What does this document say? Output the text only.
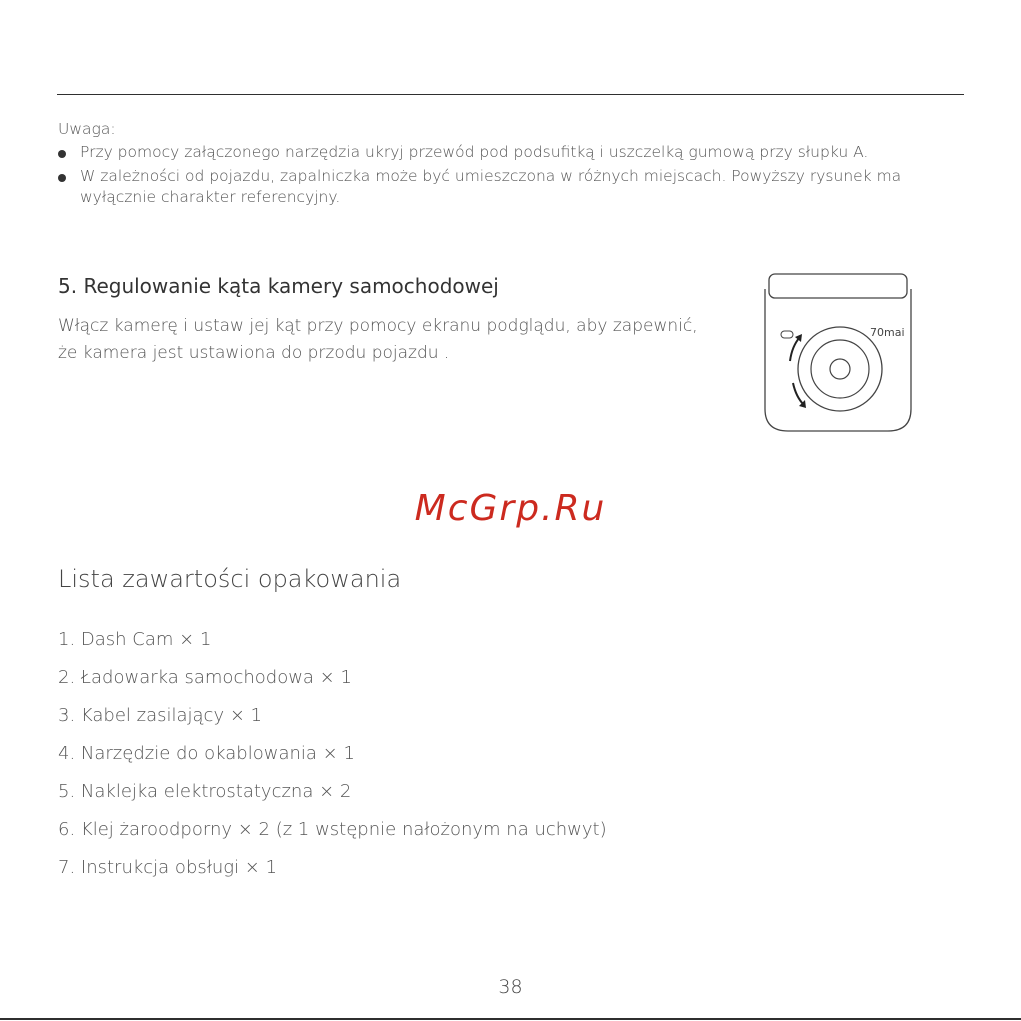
Uwaga:
Przy pomocy załączonego narzędzia ukryj przewód pod podsufitką i uszczelką gumową przy słupku A.
W zależności od pojazdu, zapalniczka może być umieszczona w różnych miejscach. Powyższy rysunek ma wyłącznie charakter referencyjny.
5. Regulowanie kąta kamery samochodowej
Włącz kamerę i ustaw jej kąt przy pomocy ekranu podglądu, aby zapewnić, że kamera jest ustawiona do przodu pojazdu .
70mai
McGrp.Ru
Lista zawartości opakowania
1. Dash Cam × 1
2. Ładowarka samochodowa × 1
3. Kabel zasilający × 1
4. Narzędzie do okablowania × 1
5. Naklejka elektrostatyczna × 2
6. Klej żaroodporny × 2 (z 1 wstępnie nałożonym na uchwyt)
7. Instrukcja obsługi × 1
38
